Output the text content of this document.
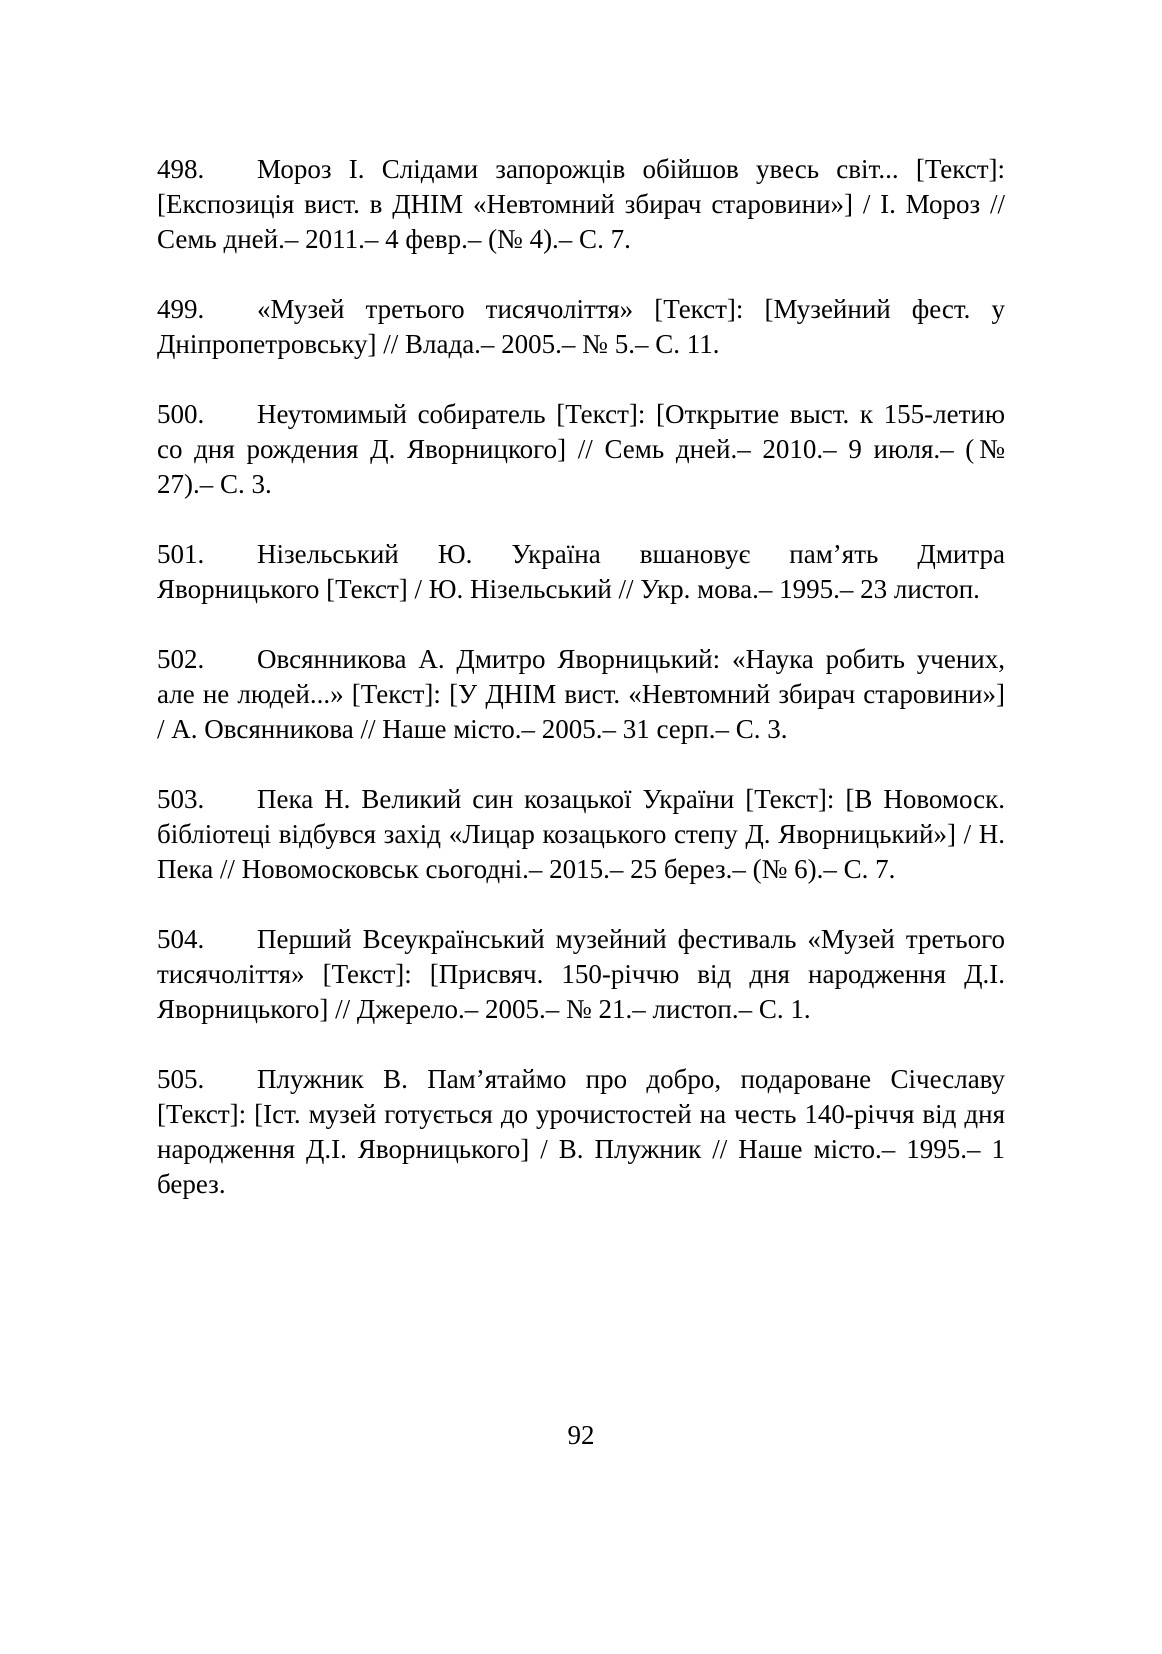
498. Мороз І. Слідами запорожців обійшов увесь світ... [Текст]: [Експозиція вист. в ДНІМ «Невтомний збирач старовини»] / І. Мороз // Семь дней.– 2011.– 4 февр.– (№ 4).– С. 7.

499. «Музей третього тисячоліття» [Текст]: [Музейний фест. у Дніпропетровську] // Влада.– 2005.– № 5.– С. 11.

500. Неутомимый собиратель [Текст]: [Открытие выст. к 155-летию со дня рождения Д. Яворницкого] // Семь дней.– 2010.– 9 июля.– (№ 27).– С. 3.

501. Нізельський Ю. Україна вшановує пам’ять Дмитра Яворницького [Текст] / Ю. Нізельський // Укр. мова.– 1995.– 23 листоп.

502. Овсянникова А. Дмитро Яворницький: «Наука робить учених, але не людей...» [Текст]: [У ДНІМ вист. «Невтомний збирач старовини»] / А. Овсянникова // Наше місто.– 2005.– 31 серп.– С. 3.

503. Пека Н. Великий син козацької України [Текст]: [В Новомоск. бібліотеці відбувся захід «Лицар козацького степу Д. Яворницький»] / Н. Пека // Новомосковськ сьогодні.– 2015.– 25 берез.– (№ 6).– С. 7.

504. Перший Всеукраїнський музейний фестиваль «Музей третього тисячоліття» [Текст]: [Присвяч. 150-річчю від дня народження Д.І. Яворницького] // Джерело.– 2005.– № 21.– листоп.– С. 1.

505. Плужник В. Пам’ятаймо про добро, подароване Січеславу [Текст]: [Іст. музей готується до урочистостей на честь 140-річчя від дня народження Д.І. Яворницького] / В. Плужник // Наше місто.– 1995.– 1 берез.

92
